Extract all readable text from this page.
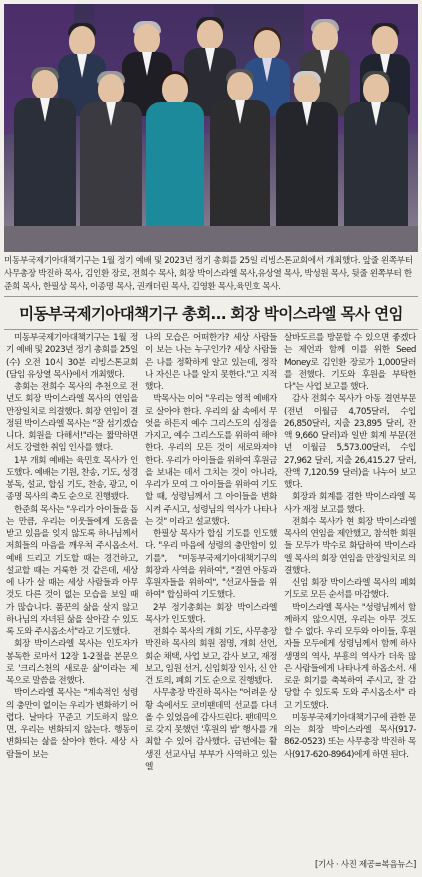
미동부국제기아대책기구는 1월 정기 예배 및 2023년 정기 총회를 25일 리빙스톤교회에서 개최했다. 앞줄 왼쪽부터 사무총장 박진하 목사, 김인환 장로, 전희수 목사, 회장 박이스라엘 목사,유상열 목사, 박성원 목사, 뒷줄 왼쪽부터 한준희 목사, 한필상 목사, 이종명 목사, 권캐더린 목사, 김영환 목사,육민호 목사.
미동부국제기아대책기구 총회… 회장 박이스라엘 목사 연임

미동부국제기아대책기구는 1월 정기 예배 및 2023년 정기 총회를 25일(수) 오전 10시 30분 리빙스톤교회(담임 유상열 목사)에서 개최했다.

총회는 전희수 목사의 추천으로 전년도 회장 박이스라엘 목사의 연임을 만장일치로 의결했다. 회장 연임이 결정된 박이스라엘 목사는 "잘 섬기겠습니다. 회원을 다해서!"라는 짧막하면서도 강렬한 취임 인사를 했다.

1부 개회 예배는 육민호 목사가 인도했다. 예배는 기원, 찬송, 기도, 성경 봉독, 설교, 합심 기도, 찬송, 광고, 이종명 목사의 축도 순으로 진행됐다.

한준희 목사는 "우리가 아이들을 돕는 만큼, 우리는 이웃들에게 도움을 받고 있음을 잊지 않도록 하나님께서 저희들의 마음을 깨우쳐 주시옵소서. 예배 드리고 기도할 때는 경건하고, 설교할 때는 거룩한 것 같은데, 세상에 나가 살 때는 세상 사람들과 아무 것도 다른 것이 없는 모습을 보일 때가 많습니다. 품꾼의 삶을 살지 않고 하나님의 자녀된 삶을 살아갈 수 있도록 도와 주시옵소서"라고 기도했다.

회장 박이스라엘 목사는 인도자가 봉독한 로마서 12장 1-2절을 본문으로 '크리스천의 새로운 삶'이라는 제목으로 말씀을 전했다.

박이스라엘 목사는 "계속적인 성령의 충만이 없이는 우리가 변화하기 어렵다. 날마다 꾸준고 기도하지 않으면, 우리는 변화되지 않는다. 행동이 변화되는 삶을 살아야 한다. 세상 사람들이 보는

나의 모습은 어떠한가? 세상 사람들이 보는 나는 누구인가? 세상 사람들은 나를 정확하게 알고 있는데, 정작 나 자신은 나를 알지 못한다."고 지적했다.

박목사는 이어 "우리는 영적 예배자로 살아야 한다. 우리의 삶 속에서 무엇을 하든지 예수 그리스도의 심정을 가지고, 예수 그리스도를 위하여 해야 한다. 우리의 모든 것이 새로와져야 한다. 우리가 아이들을 위하여 후원금을 보내는 데서 그치는 것이 아니라, 우리가 모여 그 아이들을 위하여 기도할 때, 성령님께서 그 아이들을 변화시켜 주시고, 성령님의 역사가 나타나는 것" 이라고 설교했다.

한필상 목사가 합심 기도를 인도했다. "우리 마음에 성령의 충만함이 있기를", "미동부국제기아대책기구의 회장과 사역을 위하여", "결연 아동과 후원자들을 위하여", "선교사들을 위하여" 합심하여 기도했다.

2부 정기총회는 회장 박이스라엘 목사가 인도했다.

전희수 목사의 개회 기도, 사무총장 박진하 목사의 회원 점명, 개회 선언, 회순 채택, 사업 보고, 감사 보고, 재정 보고, 임원 선거, 신임회장 인사, 신 안건 토의, 폐회 기도 순으로 진행됐다.

사무총장 박진하 목사는 "어려운 상황 속에서도 코비팬데믹 선교를 다녀올 수 있었음에 감사드린다. 팬데믹으로 갖지 못했던 '후원의 밤' 행사를 개최할 수 있어 감사했다. 금년에는 활생진 선교사님 부부가 사역하고 있는 엘

살바도르를 방문할 수 있으면 좋겠다는 제언과 함께 이를 위한 Seed Money로 김인환 장로가 1,000달러를 전했다. 기도와 후원을 부탁한다"는 사업 보고를 했다.

감사 전희수 목사가 아동 결연부문(전년 이월금 4,705달러, 수입 26,850달러, 지출 23,895 달러, 잔액 9,660 달러)과 일반 회계 부문(전년 이월금 5,573.00달러, 수입 27,962 달러, 지출 26,415.27 달러, 잔액 7,120.59 달러)을 나누어 보고 했다.

회장과 회계를 겸한 박이스라엘 목사가 재정 보고를 했다.

전희수 목사가 현 회장 박이스라엘 목사의 연임을 제안했고, 참석한 회원들 모두가 박수로 화답하여 박이스라엘 목사의 회장 연임을 만장일치로 의결했다.

신임 회장 박이스라엘 목사의 폐회 기도로 모든 순서를 마감했다.

박이스라엘 목사는 "성령님께서 함께하지 않으시면, 우리는 아무 것도 할 수 없다. 우리 모두와 아이들, 후원자들 모두에게 성령님께서 함께 하사 생명의 역사, 부흥의 역사가 더욱 많은 사람들에게 나타나게 하옵소서. 새로운 회기를 축복하여 주시고, 잘 감당할 수 있도록 도와 주시옵소서" 라고 기도했다.

미동부국제기아대책기구에 관한 문의는 회장 박이스라엘 목사(917-862-0523) 또는 사무총장 박진하 목사(917-620-8964)에게 하면 된다.

[기사 · 사진 제공=복음뉴스]
